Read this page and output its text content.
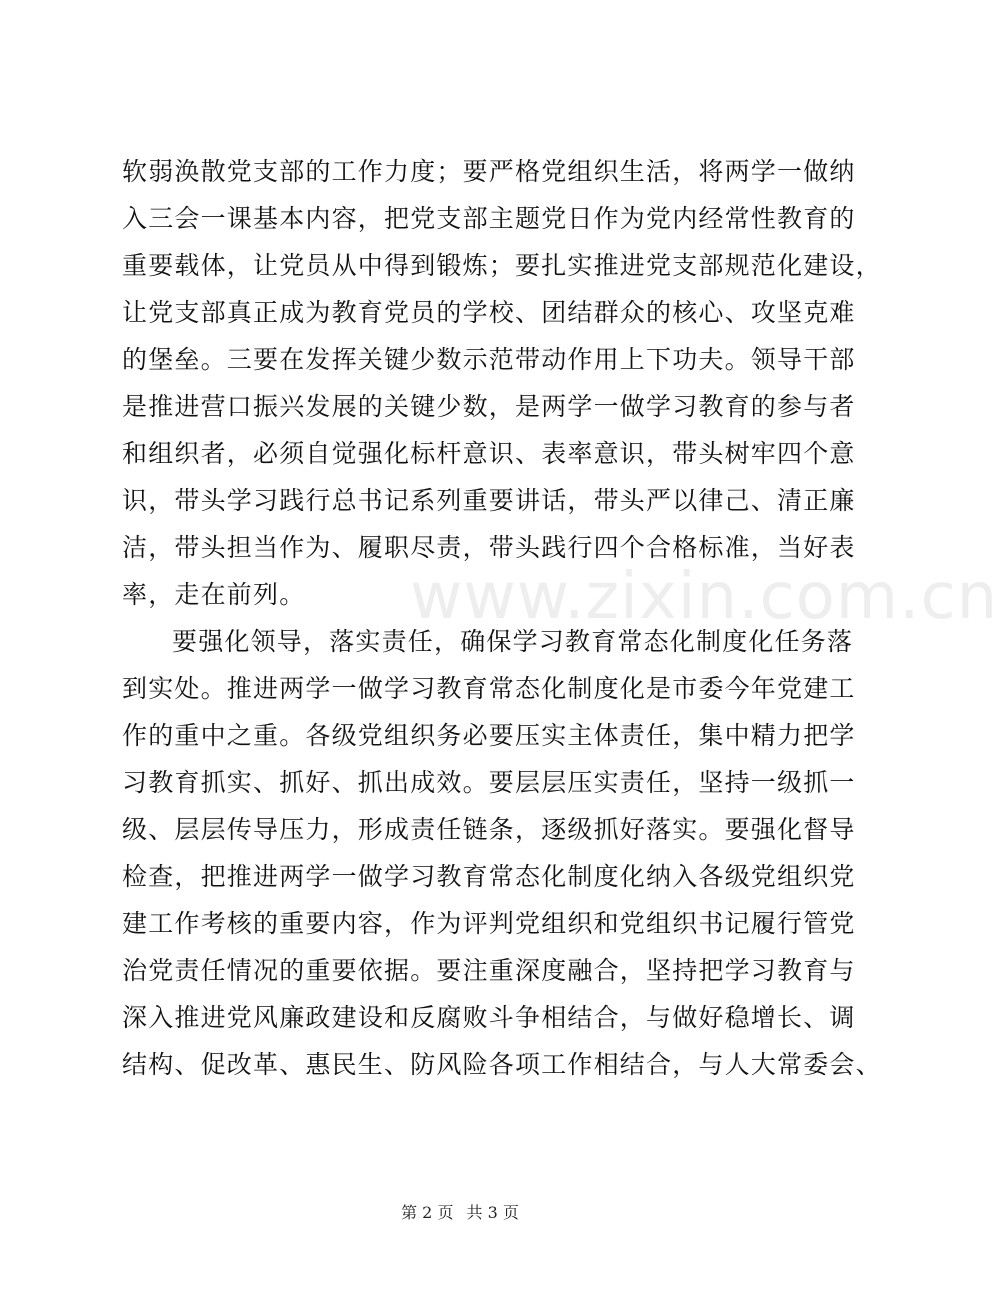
www.zixin.com.cn
软弱涣散党支部的工作力度；要严格党组织生活，将两学一做纳
入三会一课基本内容，把党支部主题党日作为党内经常性教育的
重要载体，让党员从中得到锻炼；要扎实推进党支部规范化建设，
让党支部真正成为教育党员的学校、团结群众的核心、攻坚克难
的堡垒。三要在发挥关键少数示范带动作用上下功夫。领导干部
是推进营口振兴发展的关键少数，是两学一做学习教育的参与者
和组织者，必须自觉强化标杆意识、表率意识，带头树牢四个意
识，带头学习践行总书记系列重要讲话，带头严以律己、清正廉
洁，带头担当作为、履职尽责，带头践行四个合格标准，当好表
率，走在前列。
要强化领导，落实责任，确保学习教育常态化制度化任务落
到实处。推进两学一做学习教育常态化制度化是市委今年党建工
作的重中之重。各级党组织务必要压实主体责任，集中精力把学
习教育抓实、抓好、抓出成效。要层层压实责任，坚持一级抓一
级、层层传导压力，形成责任链条，逐级抓好落实。要强化督导
检查，把推进两学一做学习教育常态化制度化纳入各级党组织党
建工作考核的重要内容，作为评判党组织和党组织书记履行管党
治党责任情况的重要依据。要注重深度融合，坚持把学习教育与
深入推进党风廉政建设和反腐败斗争相结合，与做好稳增长、调
结构、促改革、惠民生、防风险各项工作相结合，与人大常委会、
第 2 页 共 3 页
